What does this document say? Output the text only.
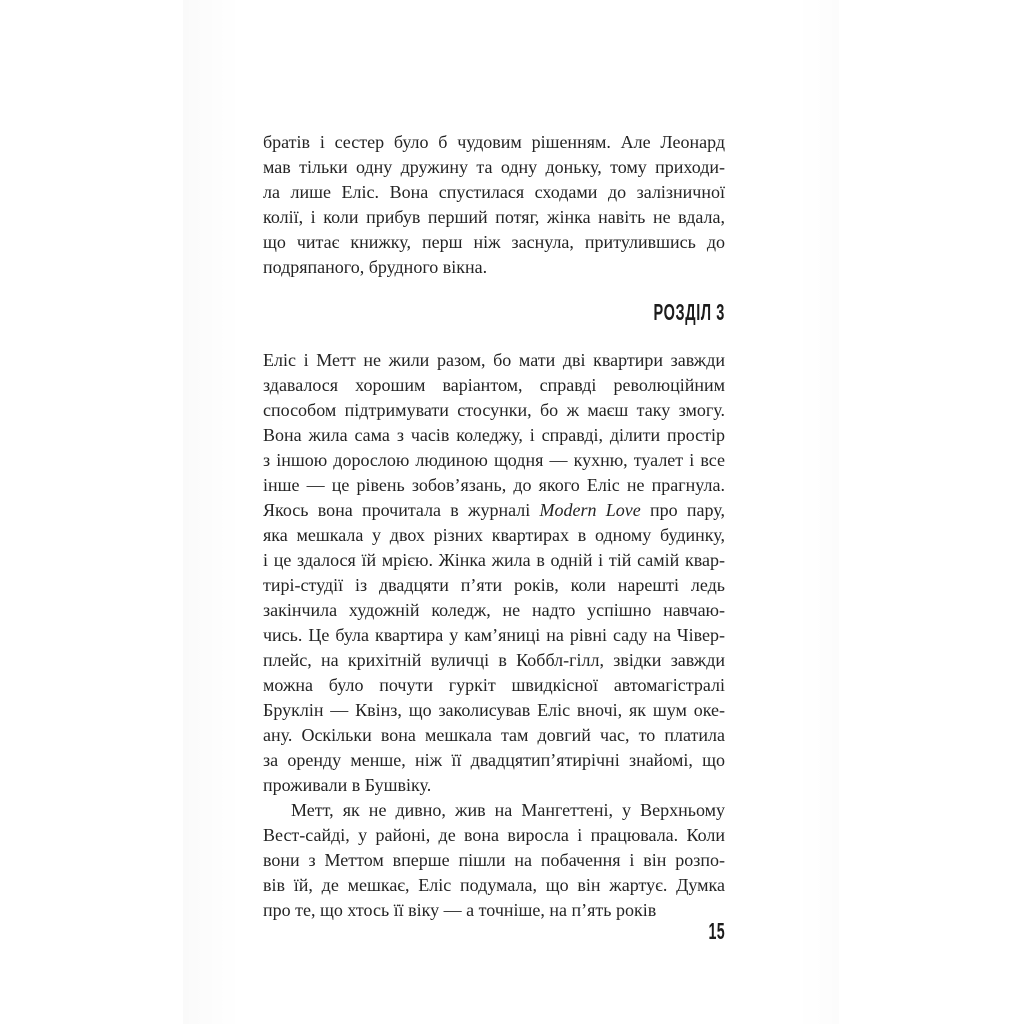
братів і сестер було б чудовим рішенням. Але Леонард
мав тільки одну дружину та одну доньку, тому приходи-
ла лише Еліс. Вона спустилася сходами до залізничної
колії, і коли прибув перший потяг, жінка навіть не вдала,
що читає книжку, перш ніж заснула, притулившись до
подряпаного, брудного вікна.
РОЗДІЛ 3
Еліс і Метт не жили разом, бо мати дві квартири завжди
здавалося хорошим варіантом, справді революційним
способом підтримувати стосунки, бо ж маєш таку змогу.
Вона жила сама з часів коледжу, і справді, ділити простір
з іншою дорослою людиною щодня — кухню, туалет і все
інше — це рівень зобов’язань, до якого Еліс не прагнула.
Якось вона прочитала в журналі Modern Love про пару,
яка мешкала у двох різних квартирах в одному будинку,
і це здалося їй мрією. Жінка жила в одній і тій самій квар-
тирі-студії із двадцяти п’яти років, коли нарешті ледь
закінчила художній коледж, не надто успішно навчаю-
чись. Це була квартира у кам’яниці на рівні саду на Чівер-
плейс, на крихітній вуличці в Коббл-гілл, звідки завжди
можна було почути гуркіт швидкісної автомагістралі
Бруклін — Квінз, що заколисував Еліс вночі, як шум оке-
ану. Оскільки вона мешкала там довгий час, то платила
за оренду менше, ніж її двадцятип’ятирічні знайомі, що
проживали в Бушвіку.
Метт, як не дивно, жив на Мангеттені, у Верхньому
Вест-сайді, у районі, де вона виросла і працювала. Коли
вони з Меттом вперше пішли на побачення і він розпо-
вів їй, де мешкає, Еліс подумала, що він жартує. Думка
про те, що хтось її віку — а точніше, на п’ять років
15
